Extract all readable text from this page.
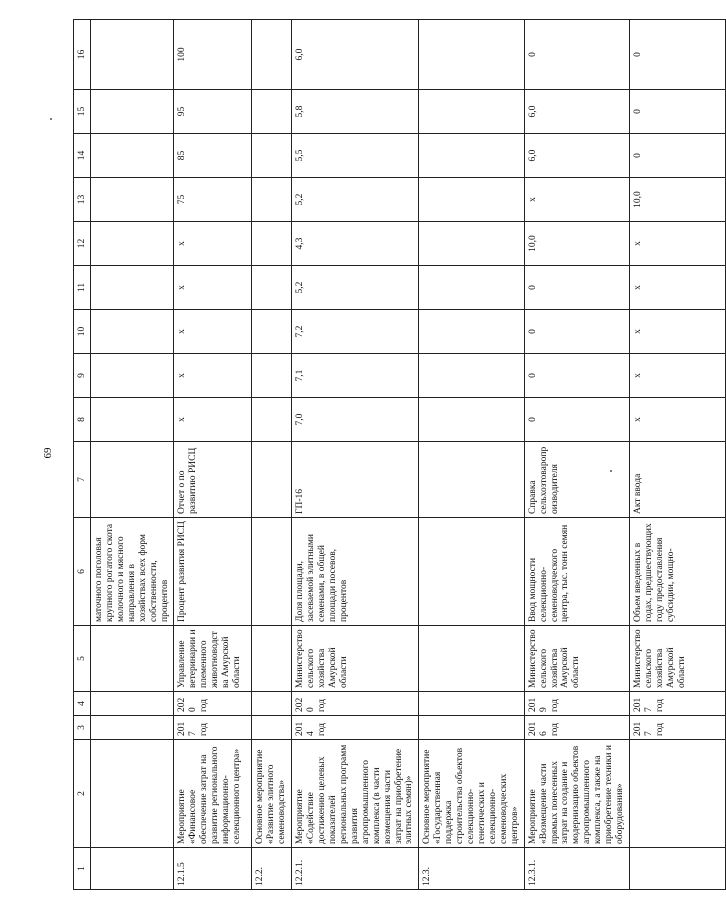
69
1	2	3	4	5	6	7	8	9	10	11	12	13	14	15	16
					маточного поголовья крупного рогатого скота молочного и мясного направления в хозяйствах всех форм собственности, процентов										
12.1.5	Мероприятие «Финансовое обеспечение затрат на развитие регионального информационно-селекционного центра»	2017 год	2020 год	Управление ветеринарии и племенного животноводства Амурской области	Процент развития РИСЦ	Отчет о по развитию РИСЦ	x	x	x	x	x	75	85	95	100
12.2.	Основное мероприятие «Развитие элитного семеноводства»														
12.2.1.	Мероприятие «Содействие достижению целевых показателей региональных программ развития агропромышленного комплекса (в части возмещения части затрат на приобретение элитных семян)»	2014 год	2020 год	Министерство сельского хозяйства Амурской области	Доля площади, засеваемой элитными семенами, в общей площади посевов, процентов	ГП-16	7,0	7,1	7,2	5,2	4,3	5,2	5,5	5,8	6,0
12.3.	Основное мероприятие «Государственная поддержка строительства объектов селекционно-генетических и селекционно-семеноводческих центров»														
12.3.1.	Мероприятие «Возмещение части прямых понесенных затрат на создание и модернизацию объектов агропромышленного комплекса, а также на приобретение техники и оборудования»	2016 год	2019 год	Министерство сельского хозяйства Амурской области	Ввод мощности селекционно-семеноводческого центра, тыс. тонн семян	Справка сельхозтоваропроизводителя	0	0	0	0	10,0	x	6,0	6,0	0
		2017 год	2017 год	Министерство сельского хозяйства Амурской области	Объем введенных в годах, предшествующих году предоставления субсидии, мощно-	Акт ввода	x	x	x	x	x	10,0	0	0	0
